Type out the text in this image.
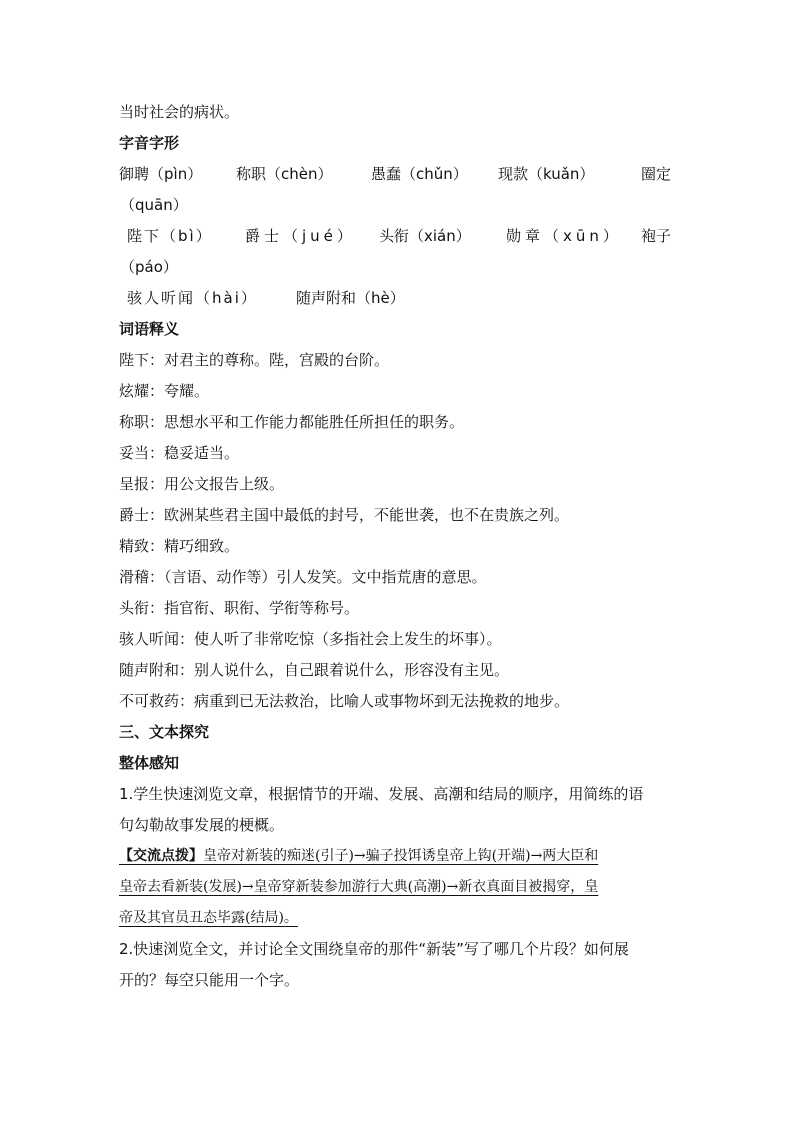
当时社会的病状。
字音字形
御聘（pìn） 称职（chèn）	愚蠢（chǔn） 现款（kuǎn）	圈定
（quān）
陛下（bì） 爵士（jué） 头衔（xián） 勋章（xūn） 袍子
（páo）
骇人听闻（hài）	随声附和（hè）
词语释义
陛下：对君主的尊称。陛，宫殿的台阶。
炫耀：夸耀。
称职：思想水平和工作能力都能胜任所担任的职务。
妥当：稳妥适当。
呈报：用公文报告上级。
爵士：欧洲某些君主国中最低的封号，不能世袭，也不在贵族之列。
精致：精巧细致。
滑稽：（言语、动作等）引人发笑。文中指荒唐的意思。
头衔：指官衔、职衔、学衔等称号。
骇人听闻：使人听了非常吃惊（多指社会上发生的坏事）。
随声附和：别人说什么，自己跟着说什么，形容没有主见。
不可救药：病重到已无法救治，比喻人或事物坏到无法挽救的地步。
三、文本探究
整体感知
1.学生快速浏览文章，根据情节的开端、发展、高潮和结局的顺序，用简练的语
句勾勒故事发展的梗概。
【交流点拨】皇帝对新装的痴迷(引子)→骗子投饵诱皇帝上钩(开端)→两大臣和
皇帝去看新装(发展)→皇帝穿新装参加游行大典(高潮)→新衣真面目被揭穿，皇
帝及其官员丑态毕露(结局)。
2.快速浏览全文，并讨论全文围绕皇帝的那件“新装”写了哪几个片段？如何展
开的？每空只能用一个字。
